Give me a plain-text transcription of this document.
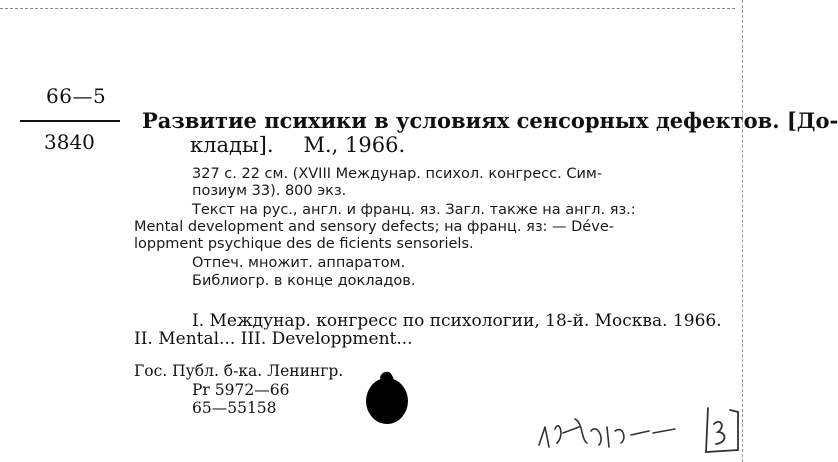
66—5
3840
Развитие психики в условиях сенсорных дефектов. [До-
клады]. М., 1966.
327 с. 22 см. (XVIII Междунар. психол. конгресс. Сим-
позиум 33). 800 экз.
Текст на рус., англ. и франц. яз. Загл. также на англ. яз.:
Mental development and sensory defects; на франц. яз: — Déve-
loppment psychique des de ficients sensoriels.
Отпеч. множит. аппаратом.
Библиогр. в конце докладов.
I. Междунар. конгресс по психологии, 18-й. Москва. 1966.
II. Mental... III. Developpment...
Гос. Публ. б-ка. Ленингр.
Pr 5972—66
65—55158
